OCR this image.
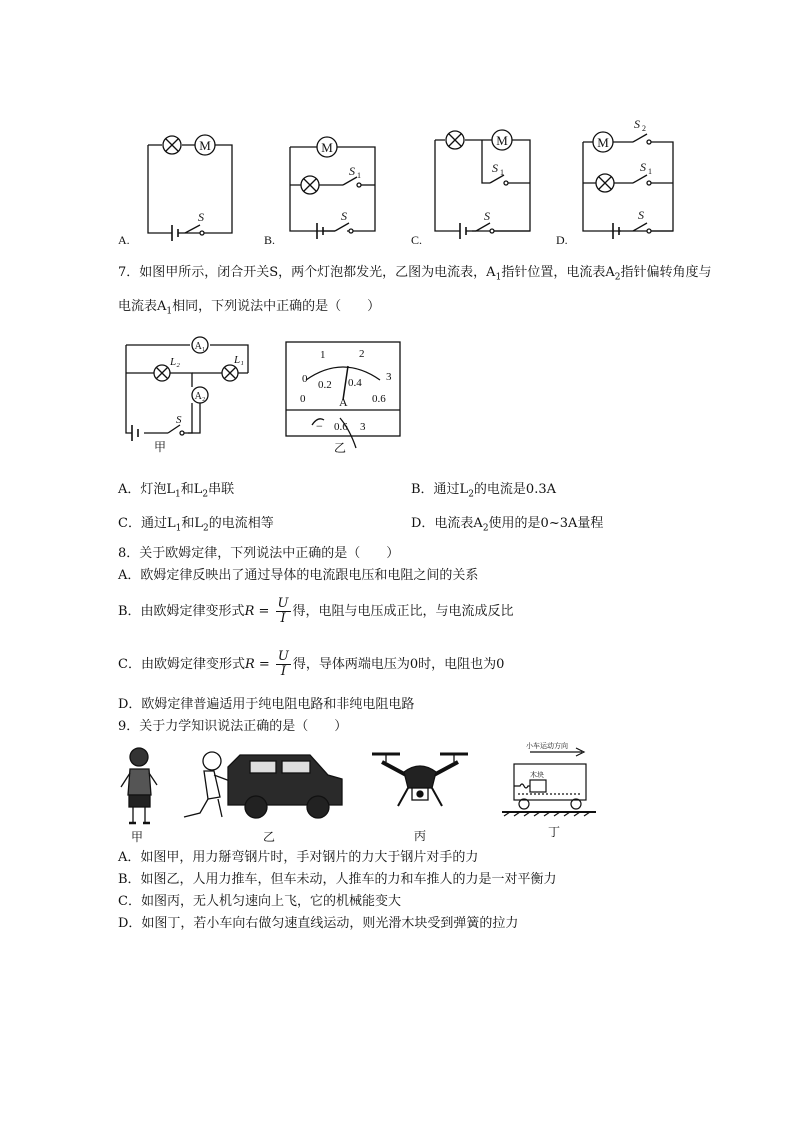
M
S
A.
M
S 1
S
B.
M
S 1
S
C.
M
S 2
S 1
S
D.
7．如图甲所示，闭合开关S，两个灯泡都发光，乙图为电流表，$A_1$指针位置，电流表$A_2$指针偏转角度与
电流表$A_1$相同，下列说法中正确的是（　　）
A₁
A₂
L₂	L₁
S
甲
0
1	2
3
0
0.2 0.4
0.6
A
− 0.6 3
乙
A．灯泡$L_1$和$L_2$串联	B．通过$L_2$的电流是0.3A
C．通过$L_1$和$L_2$的电流相等	D．电流表$A_2$使用的是0~3A量程
8．关于欧姆定律，下列说法中正确的是（　　）
A．欧姆定律反映出了通过导体的电流跟电压和电阻之间的关系
B．由欧姆定律变形式$R = \frac{U}{I}$ 得，电阻与电压成正比，与电流成反比
C．由欧姆定律变形式$R = \frac{U}{I}$ 得，导体两端电压为0时，电阻也为0
D．欧姆定律普遍适用于纯电阻电路和非纯电阻电路
9．关于力学知识说法正确的是（　　）
甲	乙	丙
小车运动方向
木块
丁
A．如图甲，用力掰弯钢片时，手对钢片的力大于钢片对手的力
B．如图乙，人用力推车，但车未动，人推车的力和车推人的力是一对平衡力
C．如图丙，无人机匀速向上飞，它的机械能变大
D．如图丁，若小车向右做匀速直线运动，则光滑木块受到弹簧的拉力
